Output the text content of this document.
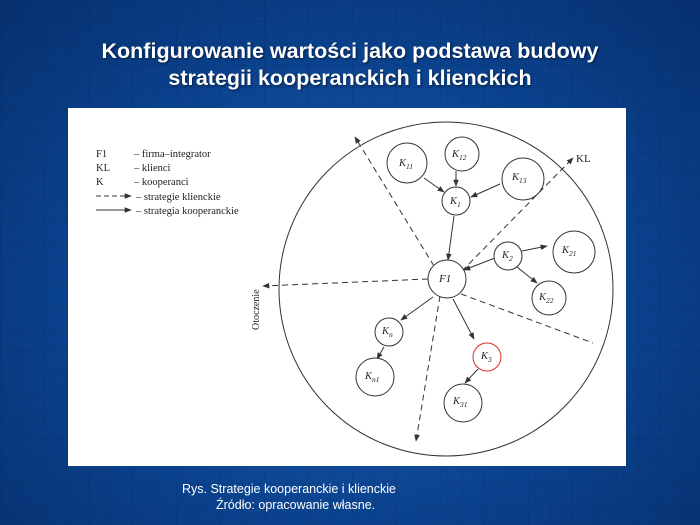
Konfigurowanie wartości jako podstawa budowy
strategii kooperanckich i klienckich
F1	– firma–integrator
KL – klienci
K	– kooperanci
– strategie klienckie
– strategia kooperanckie
Otoczenie
KL
$K_{11}$
$K_{12}$
$K_{13}$
$K_1$
F1
$K_2$
$K_{21}$
$K_{22}$
$K_3$
$K_{31}$
$K_n$
$K_{n1}$
Rys. Strategie kooperanckie i klienckie
Źródło: opracowanie własne.
